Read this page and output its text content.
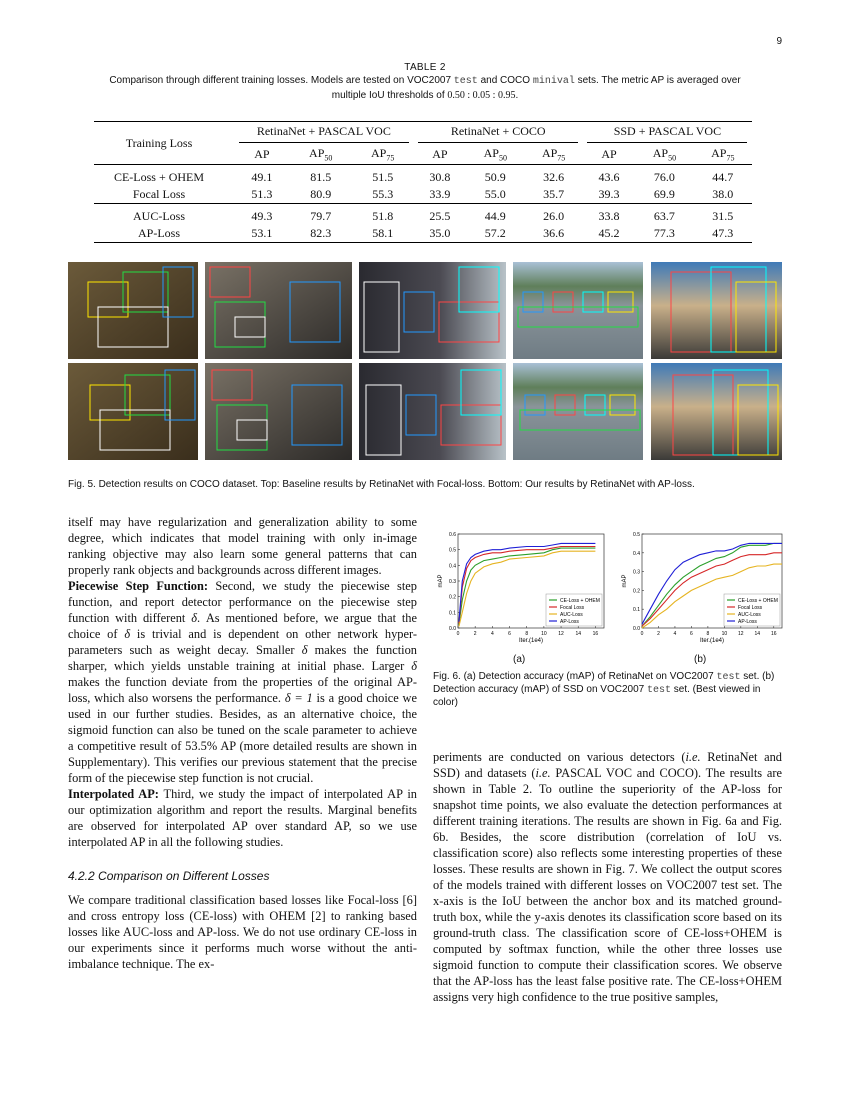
9
TABLE 2
Comparison through different training losses. Models are tested on VOC2007 test and COCO minival sets. The metric AP is averaged over
multiple IoU thresholds of 0.50 : 0.05 : 0.95.
Training Loss		RetinaNet + PASCAL VOC			RetinaNet + COCO			SSD + PASCAL VOC		
		AP	$AP_{50}$	$AP_{75}$	AP	$AP_{50}$	$AP_{75}$	AP	$AP_{50}$	$AP_{75}$
CE-Loss + OHEM		49.1	81.5	51.5	30.8	50.9	32.6	43.6	76.0	44.7
Focal Loss		51.3	80.9	55.3	33.9	55.0	35.7	39.3	69.9	38.0
AUC-Loss		49.3	79.7	51.8	25.5	44.9	26.0	33.8	63.7	31.5
AP-Loss		53.1	82.3	58.1	35.0	57.2	36.6	45.2	77.3	47.3
Fig. 5. Detection results on COCO dataset. Top: Baseline results by RetinaNet with Focal-loss. Bottom: Our results by RetinaNet with AP-loss.

itself may have regularization and generalization ability to some degree, which indicates that model training with only in-image ranking objective may also learn some general patterns that can properly rank objects and backgrounds across different images.

Piecewise Step Function: Second, we study the piecewise step function, and report detector performance on the piecewise step function with different δ. As mentioned before, we argue that the choice of δ is trivial and is dependent on other network hyper-parameters such as weight decay. Smaller δ makes the function sharper, which yields unstable training at initial phase. Larger δ makes the function deviate from the properties of the original AP-loss, which also worsens the performance. δ = 1 is a good choice we used in our further studies. Besides, as an alternative choice, the sigmoid function can also be tuned on the scale parameter to achieve a competitive result of 53.5% AP (more detailed results are shown in Supplementary). This verifies our previous statement that the precise form of the piecewise step function is not crucial.

Interpolated AP: Third, we study the impact of interpolated AP in our optimization algorithm and report the results. Marginal benefits are observed for interpolated AP over standard AP, so we use interpolated AP in all the following studies.

4.2.2 Comparison on Different Losses

We compare traditional classification based losses like Focal-loss [6] and cross entropy loss (CE-loss) with OHEM [2] to ranking based losses like AUC-loss and AP-loss. We do not use ordinary CE-loss in our experiments since it performs much worse without the anti-imbalance technique. The ex-

0.0
0.1
0.2
0.3
0.4
0.5
0.6
0	2	4	6	8	10 12 14 16
Iter.(1e4)
mAP
CE-Loss + OHEM
Focal Loss
AUC-Loss
AP-Loss
0.0
0.1
0.2
0.3
0.4
0.5
0	2	4	6	8 10 12 14 16
Iter.(1e4)
mAP
CE-Loss + OHEM
Focal Loss
AUC-Loss
AP-Loss
(a)	(b)
Fig. 6. (a) Detection accuracy (mAP) of RetinaNet on VOC2007 test set. (b) Detection accuracy (mAP) of SSD on VOC2007 test set. (Best viewed in color)

periments are conducted on various detectors (i.e. RetinaNet and SSD) and datasets (i.e. PASCAL VOC and COCO). The results are shown in Table 2. To outline the superiority of the AP-loss for snapshot time points, we also evaluate the detection performances at different training iterations. The results are shown in Fig. 6a and Fig. 6b. Besides, the score distribution (correlation of IoU vs. classification score) also reflects some interesting properties of these losses. These results are shown in Fig. 7. We collect the output scores of the models trained with different losses on VOC2007 test set. The x-axis is the IoU between the anchor box and its matched ground-truth box, while the y-axis denotes its classification score based on its ground-truth class. The classification score of CE-loss+OHEM is computed by softmax function, while the other three losses use sigmoid function to compute their classification scores. We observe that the AP-loss has the least false positive rate. The CE-loss+OHEM assigns very high confidence to the true positive samples,
